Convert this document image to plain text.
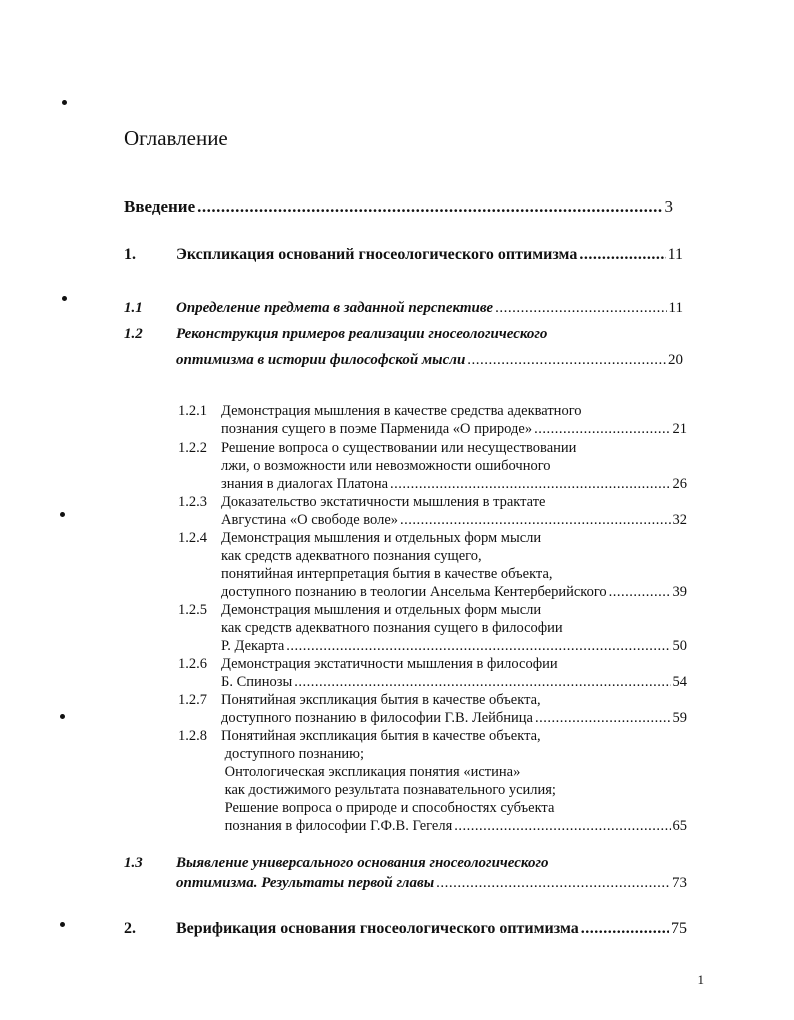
Оглавление
Введение .....	3
1.	Экспликация оснований гносеологического оптимизма .....	11
1.1 Определение предмета в заданной перспективе .....	11
1.2 Реконструкция примеров реализации гносеологического
оптимизма в истории философской мысли .....	20
1.2.1 Демонстрация мышления в качестве средства адекватного
познания сущего в поэме Парменида «О природе» .....	21
1.2.2 Решение вопроса о существовании или несуществовании
лжи, о возможности или невозможности ошибочного
знания в диалогах Платона .....	26
1.2.3 Доказательство экстатичности мышления в трактате
Августина «О свободе воле» .....	32
1.2.4 Демонстрация мышления и отдельных форм мысли
как средств адекватного познания сущего,
понятийная интерпретация бытия в качестве объекта,
доступного познанию в теологии Ансельма Кентерберийского .....	39
1.2.5 Демонстрация мышления и отдельных форм мысли
как средств адекватного познания сущего в философии
Р. Декарта .....	50
1.2.6 Демонстрация экстатичности мышления в философии
Б. Спинозы .....	54
1.2.7 Понятийная экспликация бытия в качестве объекта,
доступного познанию в философии Г.В. Лейбница .....	59
1.2.8 Понятийная экспликация бытия в качестве объекта,
доступного познанию;
Онтологическая экспликация понятия «истина»
как достижимого результата познавательного усилия;
Решение вопроса о природе и способностях субъекта
познания в философии Г.Ф.В. Гегеля .....	65
1.3 Выявление универсального основания гносеологического
оптимизма. Результаты первой главы .....	73
2.	Верификация основания гносеологического оптимизма .....	75
1
